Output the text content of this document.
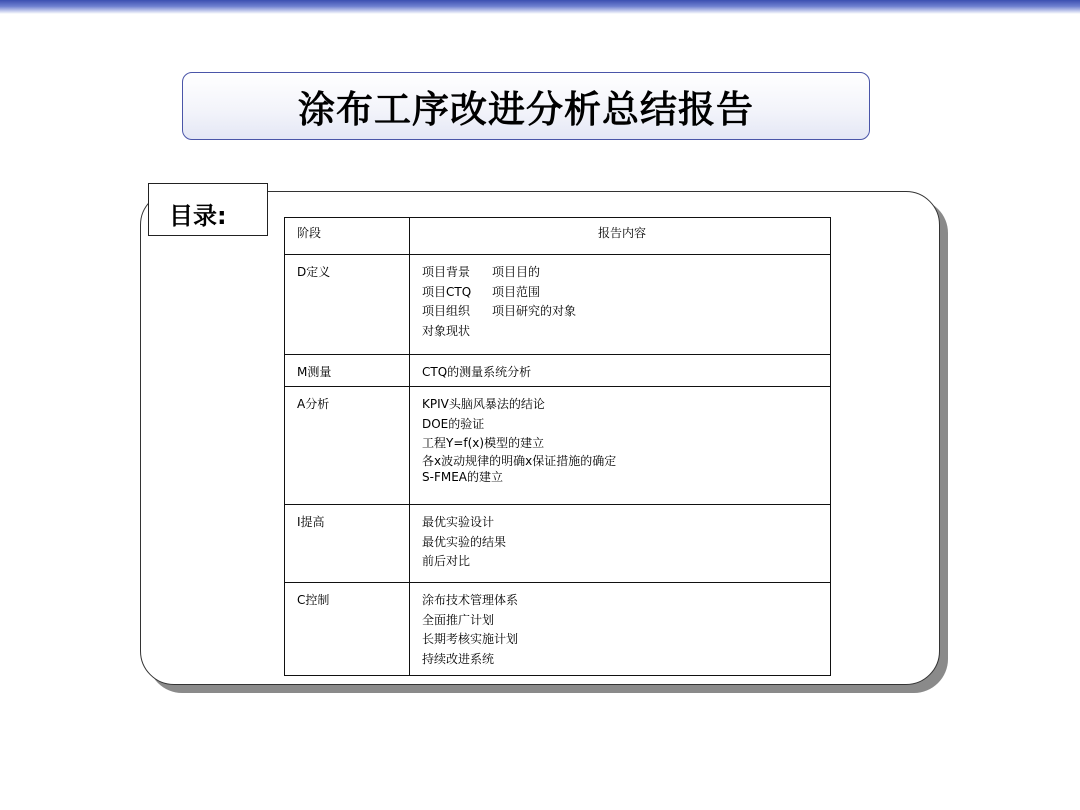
涂布工序改进分析总结报告
阶段	报告内容
D定义	项目背景 项目目的
项目CTQ 项目范围
项目组织 项目研究的对象
对象现状

M测量	CTQ的测量系统分析

A分析	KPIV头脑风暴法的结论
DOE的验证
工程Y=f(x)模型的建立
各x波动规律的明确x保证措施的确定
S-FMEA的建立

I提高	最优实验设计
最优实验的结果
前后对比

C控制	涂布技术管理体系
全面推广计划
长期考核实施计划
持续改进系统
目录:
